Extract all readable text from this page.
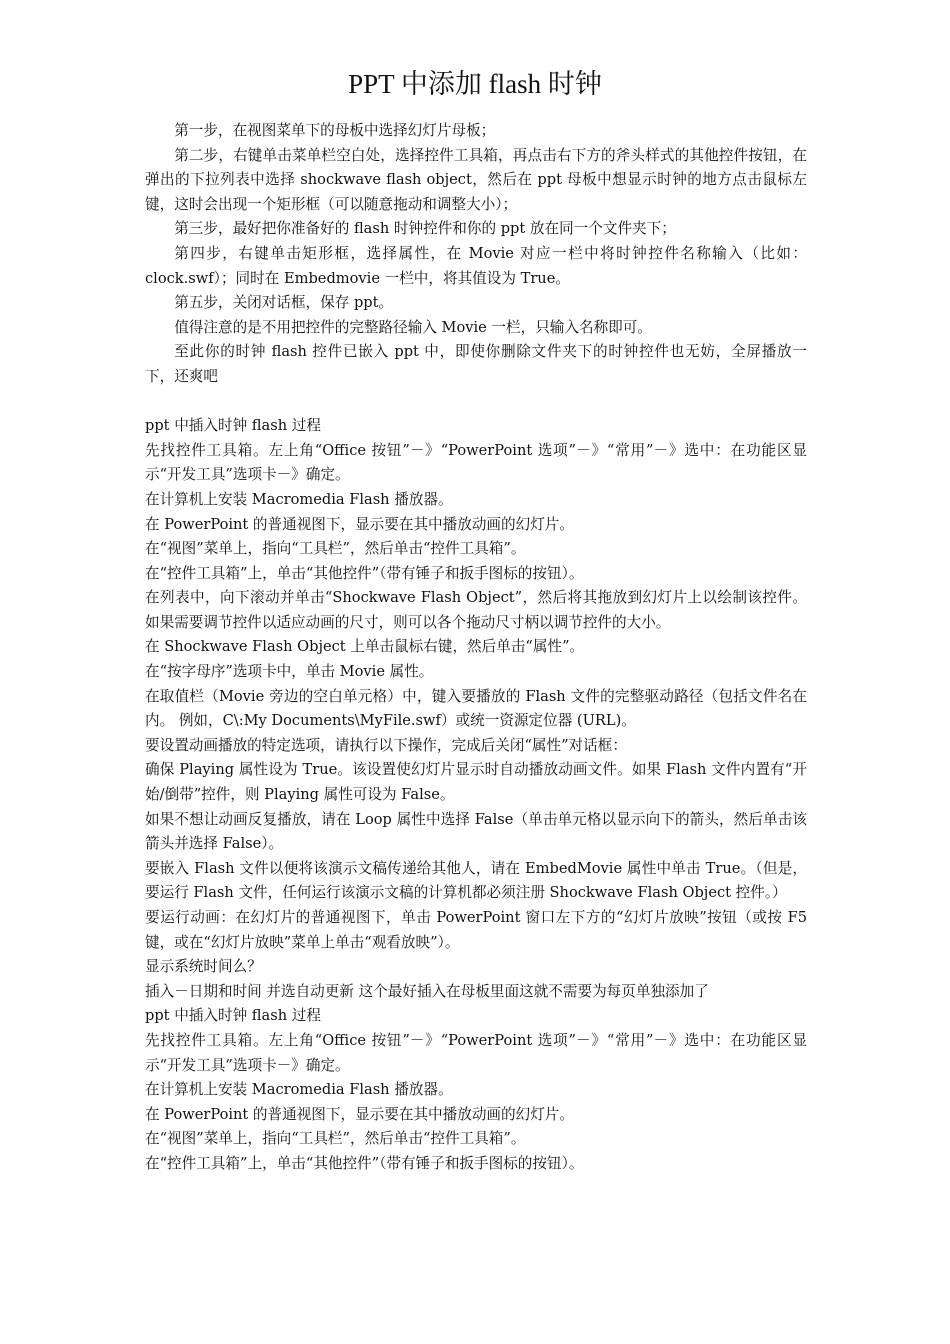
PPT 中添加 flash 时钟

第一步，在视图菜单下的母板中选择幻灯片母板；

第二步，右键单击菜单栏空白处，选择控件工具箱，再点击右下方的斧头样式的其他控件按钮，在弹出的下拉列表中选择 shockwave flash object，然后在 ppt 母板中想显示时钟的地方点击鼠标左键，这时会出现一个矩形框（可以随意拖动和调整大小）；

第三步，最好把你准备好的 flash 时钟控件和你的 ppt 放在同一个文件夹下；

第四步，右键单击矩形框，选择属性，在 Movie 对应一栏中将时钟控件名称输入（比如：clock.swf）；同时在 Embedmovie 一栏中，将其值设为 True。

第五步，关闭对话框，保存 ppt。

值得注意的是不用把控件的完整路径输入 Movie 一栏，只输入名称即可。

至此你的时钟 flash 控件已嵌入 ppt 中，即使你删除文件夹下的时钟控件也无妨，全屏播放一下，还爽吧

ppt 中插入时钟 flash 过程

先找控件工具箱。左上角“Office 按钮”－》“PowerPoint 选项”－》“常用”－》选中：在功能区显示“开发工具”选项卡－》确定。

在计算机上安装 Macromedia Flash 播放器。

在 PowerPoint 的普通视图下，显示要在其中播放动画的幻灯片。

在“视图”菜单上，指向“工具栏”，然后单击“控件工具箱”。

在“控件工具箱”上，单击“其他控件”（带有锤子和扳手图标的按钮）。

在列表中，向下滚动并单击“Shockwave Flash Object”，然后将其拖放到幻灯片上以绘制该控件。如果需要调节控件以适应动画的尺寸，则可以各个拖动尺寸柄以调节控件的大小。

在 Shockwave Flash Object 上单击鼠标右键，然后单击“属性”。

在“按字母序”选项卡中，单击 Movie 属性。

在取值栏（Movie 旁边的空白单元格）中，键入要播放的 Flash 文件的完整驱动路径（包括文件名在内。 例如，C\:My Documents\MyFile.swf）或统一资源定位器 (URL)。

要设置动画播放的特定选项，请执行以下操作，完成后关闭“属性”对话框：

确保 Playing 属性设为 True。该设置使幻灯片显示时自动播放动画文件。如果 Flash 文件内置有“开始/倒带”控件，则 Playing 属性可设为 False。

如果不想让动画反复播放，请在 Loop 属性中选择 False（单击单元格以显示向下的箭头，然后单击该箭头并选择 False）。

要嵌入 Flash 文件以便将该演示文稿传递给其他人，请在 EmbedMovie 属性中单击 True。（但是，要运行 Flash 文件，任何运行该演示文稿的计算机都必须注册 Shockwave Flash Object 控件。）

要运行动画：在幻灯片的普通视图下，单击 PowerPoint 窗口左下方的“幻灯片放映”按钮（或按 F5 键，或在“幻灯片放映”菜单上单击“观看放映”）。

显示系统时间么？

插入－日期和时间 并选自动更新 这个最好插入在母板里面这就不需要为每页单独添加了

ppt 中插入时钟 flash 过程

先找控件工具箱。左上角“Office 按钮”－》“PowerPoint 选项”－》“常用”－》选中：在功能区显示“开发工具”选项卡－》确定。

在计算机上安装 Macromedia Flash 播放器。

在 PowerPoint 的普通视图下，显示要在其中播放动画的幻灯片。

在“视图”菜单上，指向“工具栏”，然后单击“控件工具箱”。

在“控件工具箱”上，单击“其他控件”（带有锤子和扳手图标的按钮）。
